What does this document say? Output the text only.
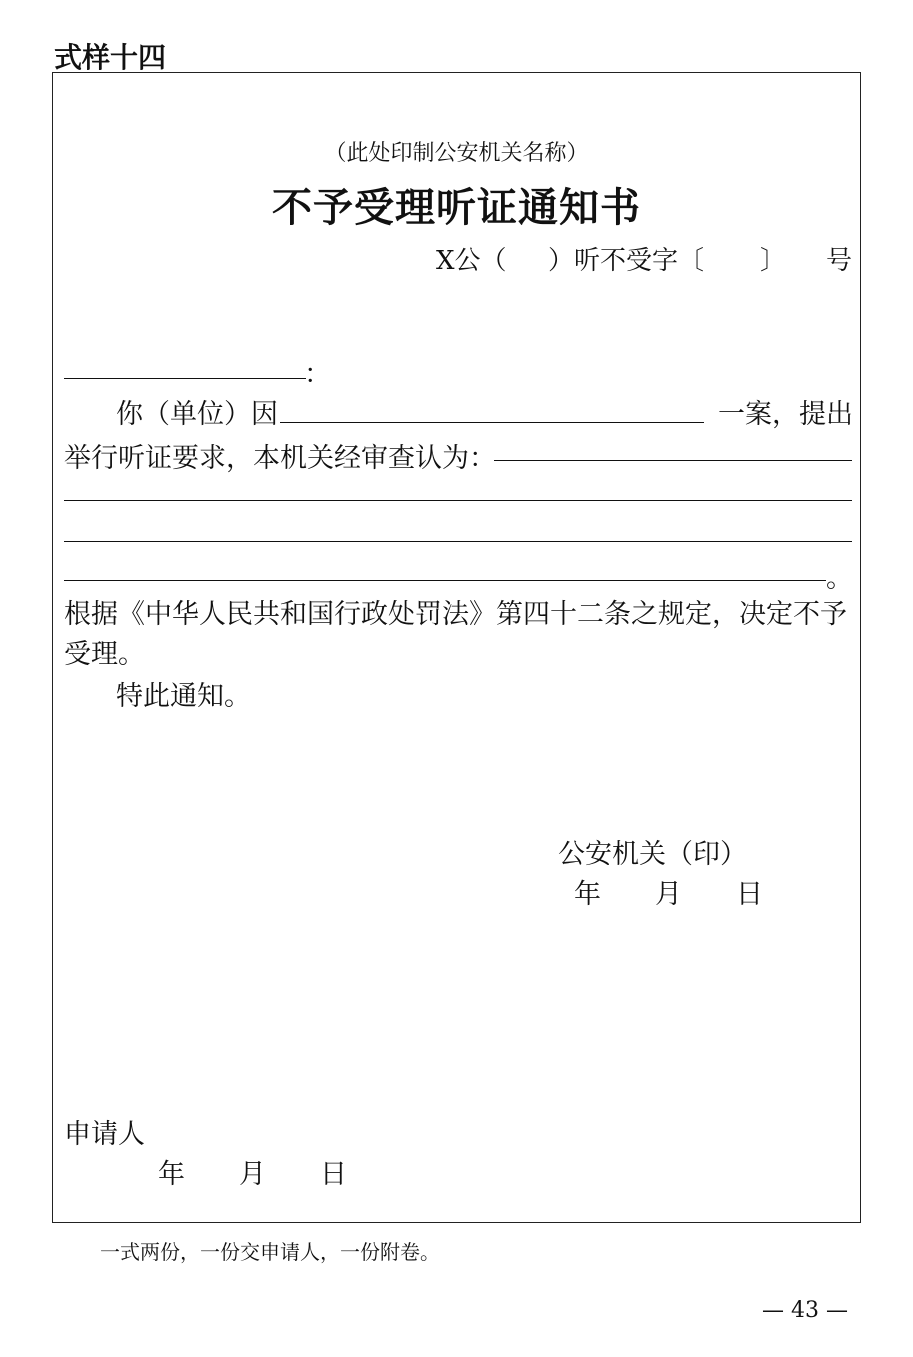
式样十四
（此处印制公安机关名称）
不予受理听证通知书
X公（ ）听不受字〔 〕 号
：
你（单位）因	一案，提出
举行听证要求，本机关经审查认为：
。
根据《中华人民共和国行政处罚法》第四十二条之规定，决定不予
受理。
特此通知。
公安机关（印）
年　　月　　日
申请人
年　　月　　日
一式两份，一份交申请人，一份附卷。
— 43 —
